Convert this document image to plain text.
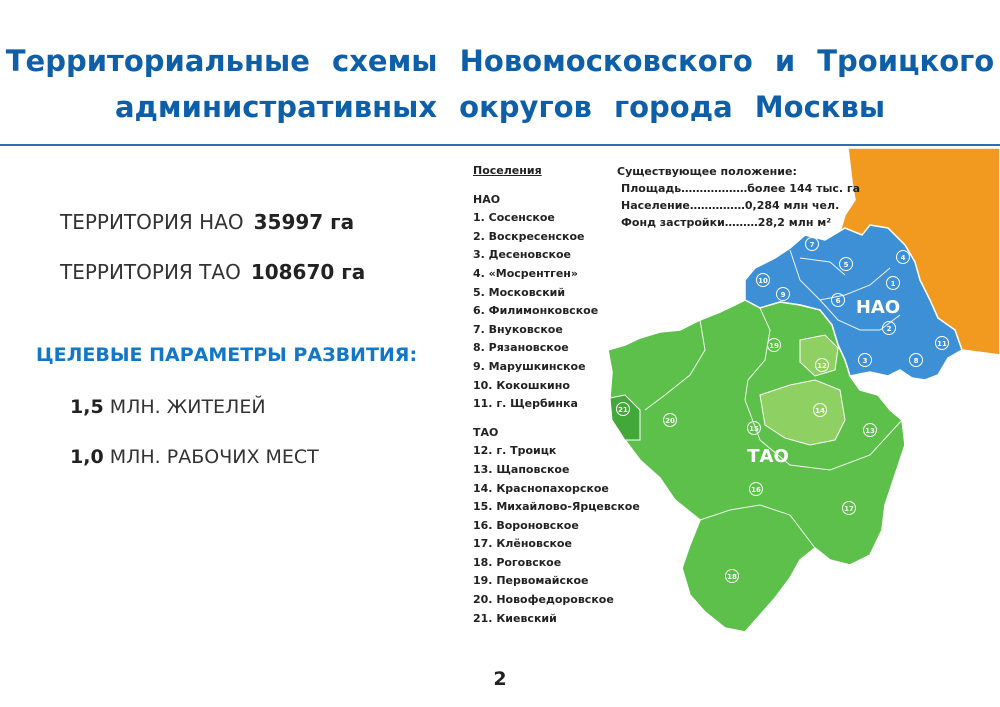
Территориальные схемы Новомосковского и Троицкого
административных округов города Москвы
ТЕРРИТОРИЯ НАО 35997 га
ТЕРРИТОРИЯ ТАО 108670 га
ЦЕЛЕВЫЕ ПАРАМЕТРЫ РАЗВИТИЯ:
1,5 МЛН. ЖИТЕЛЕЙ
1,0 МЛН. РАБОЧИХ МЕСТ
1
2
3
4
5
6
7
8
9
10
11
12
13
14
15
16
17
18
19
20
21
НАО
ТАО
Поселения
НАО
1. Сосенское
2. Воскресенское
3. Десеновское
4. «Мосрентген»
5. Московский
6. Филимонковское
7. Внуковское
8. Рязановское
9. Марушкинское
10. Кокошкино
11. г. Щербинка
ТАО
12. г. Троицк
13. Щаповское
14. Краснопахорское
15. Михайлово-Ярцевское
16. Вороновское
17. Клёновское
18. Роговское
19. Первомайское
20. Новофедоровское
21. Киевский
Существующее положение:
Площадь………………более 144 тыс. га
Население……………0,284 млн чел.
Фонд застройки………28,2 млн м²
2
